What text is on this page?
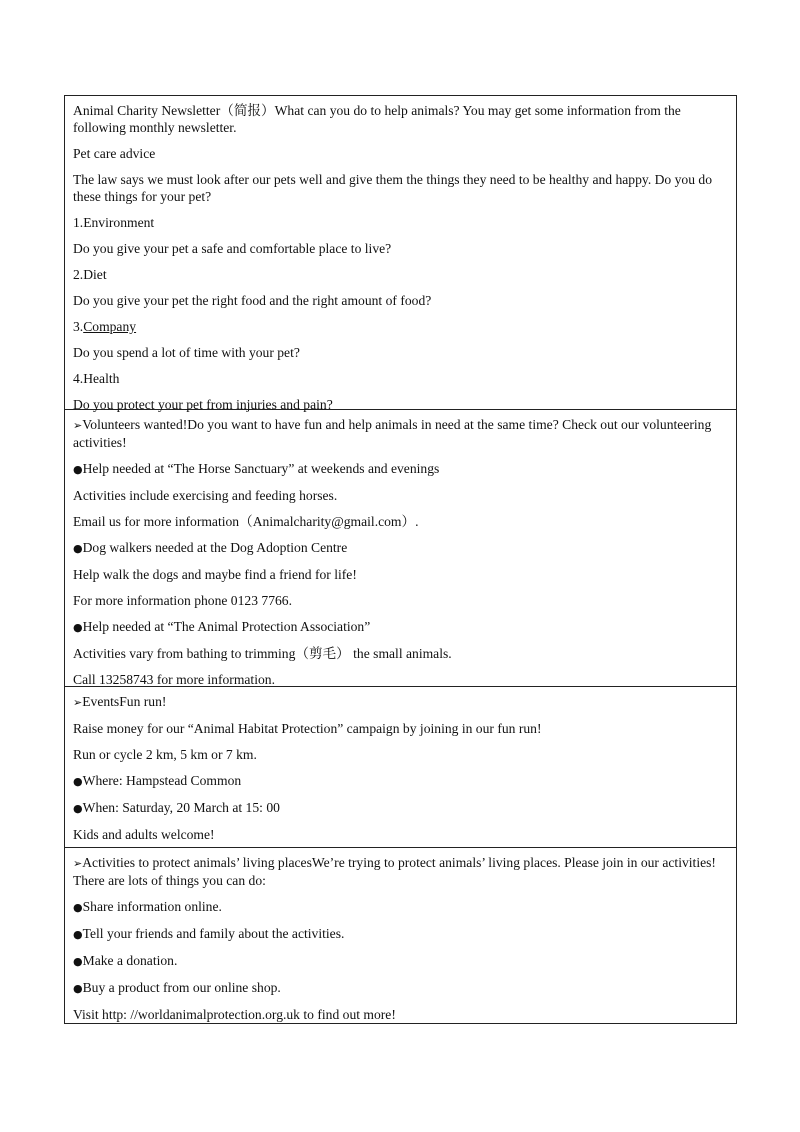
Animal Charity Newsletter（简报）What can you do to help animals? You may get some information from the following monthly newsletter.

Pet care advice

The law says we must look after our pets well and give them the things they need to be healthy and happy. Do you do these things for your pet?

1.Environment

Do you give your pet a safe and comfortable place to live?

2.Diet

Do you give your pet the right food and the right amount of food?

3.Company

Do you spend a lot of time with your pet?

4.Health

Do you protect your pet from injuries and pain?

➢Volunteers wanted!Do you want to have fun and help animals in need at the same time? Check out our volunteering activities!

●Help needed at “The Horse Sanctuary” at weekends and evenings

Activities include exercising and feeding horses.

Email us for more information（Animalcharity@gmail.com）.

●Dog walkers needed at the Dog Adoption Centre

Help walk the dogs and maybe find a friend for life!

For more information phone 0123 7766.

●Help needed at “The Animal Protection Association”

Activities vary from bathing to trimming（剪毛） the small animals.

Call 13258743 for more information.

➢EventsFun run!

Raise money for our “Animal Habitat Protection” campaign by joining in our fun run!

Run or cycle 2 km, 5 km or 7 km.

●Where: Hampstead Common

●When: Saturday, 20 March at 15: 00

Kids and adults welcome!

➢Activities to protect animals’ living placesWe’re trying to protect animals’ living places. Please join in our activities! There are lots of things you can do:

●Share information online.

●Tell your friends and family about the activities.

●Make a donation.

●Buy a product from our online shop.

Visit http: //worldanimalprotection.org.uk to find out more!
